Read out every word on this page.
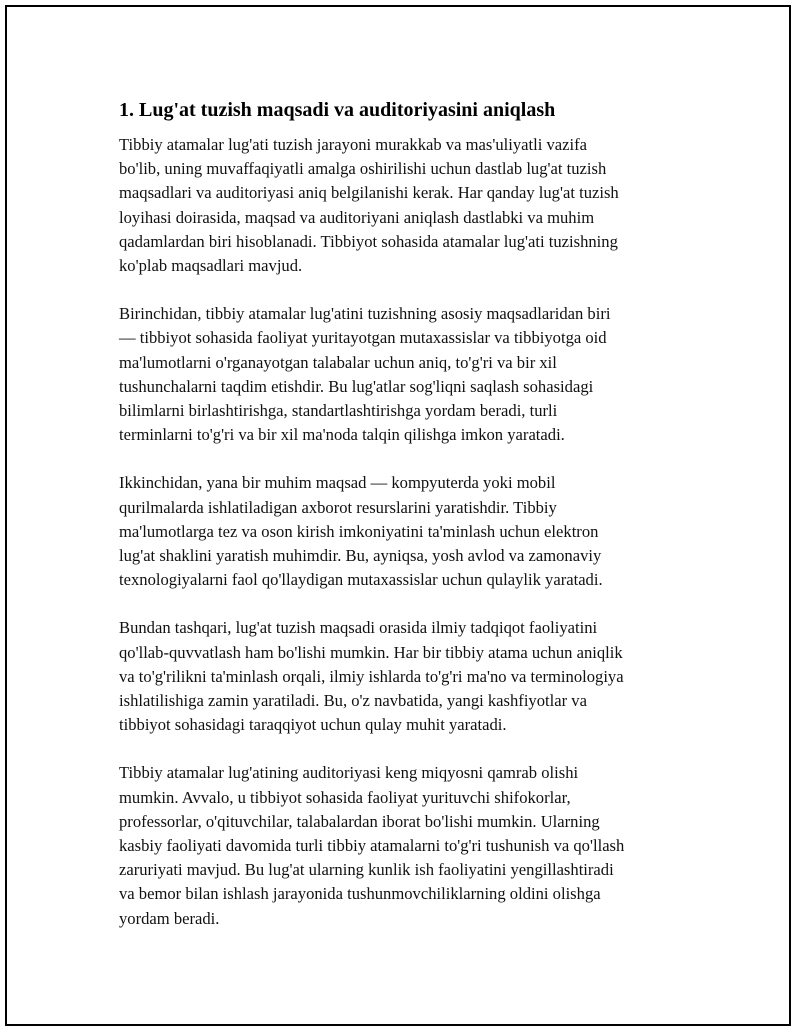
1. Lug'at tuzish maqsadi va auditoriyasini aniqlash
Tibbiy atamalar lug'ati tuzish jarayoni murakkab va mas'uliyatli vazifa
bo'lib, uning muvaffaqiyatli amalga oshirilishi uchun dastlab lug'at tuzish
maqsadlari va auditoriyasi aniq belgilanishi kerak. Har qanday lug'at tuzish
loyihasi doirasida, maqsad va auditoriyani aniqlash dastlabki va muhim
qadamlardan biri hisoblanadi. Tibbiyot sohasida atamalar lug'ati tuzishning
ko'plab maqsadlari mavjud.
Birinchidan, tibbiy atamalar lug'atini tuzishning asosiy maqsadlaridan biri
— tibbiyot sohasida faoliyat yuritayotgan mutaxassislar va tibbiyotga oid
ma'lumotlarni o'rganayotgan talabalar uchun aniq, to'g'ri va bir xil
tushunchalarni taqdim etishdir. Bu lug'atlar sog'liqni saqlash sohasidagi
bilimlarni birlashtirishga, standartlashtirishga yordam beradi, turli
terminlarni to'g'ri va bir xil ma'noda talqin qilishga imkon yaratadi.
Ikkinchidan, yana bir muhim maqsad — kompyuterda yoki mobil
qurilmalarda ishlatiladigan axborot resurslarini yaratishdir. Tibbiy
ma'lumotlarga tez va oson kirish imkoniyatini ta'minlash uchun elektron
lug'at shaklini yaratish muhimdir. Bu, ayniqsa, yosh avlod va zamonaviy
texnologiyalarni faol qo'llaydigan mutaxassislar uchun qulaylik yaratadi.
Bundan tashqari, lug'at tuzish maqsadi orasida ilmiy tadqiqot faoliyatini
qo'llab-quvvatlash ham bo'lishi mumkin. Har bir tibbiy atama uchun aniqlik
va to'g'rilikni ta'minlash orqali, ilmiy ishlarda to'g'ri ma'no va terminologiya
ishlatilishiga zamin yaratiladi. Bu, o'z navbatida, yangi kashfiyotlar va
tibbiyot sohasidagi taraqqiyot uchun qulay muhit yaratadi.
Tibbiy atamalar lug'atining auditoriyasi keng miqyosni qamrab olishi
mumkin. Avvalo, u tibbiyot sohasida faoliyat yurituvchi shifokorlar,
professorlar, o'qituvchilar, talabalardan iborat bo'lishi mumkin. Ularning
kasbiy faoliyati davomida turli tibbiy atamalarni to'g'ri tushunish va qo'llash
zaruriyati mavjud. Bu lug'at ularning kunlik ish faoliyatini yengillashtiradi
va bemor bilan ishlash jarayonida tushunmovchiliklarning oldini olishga
yordam beradi.
